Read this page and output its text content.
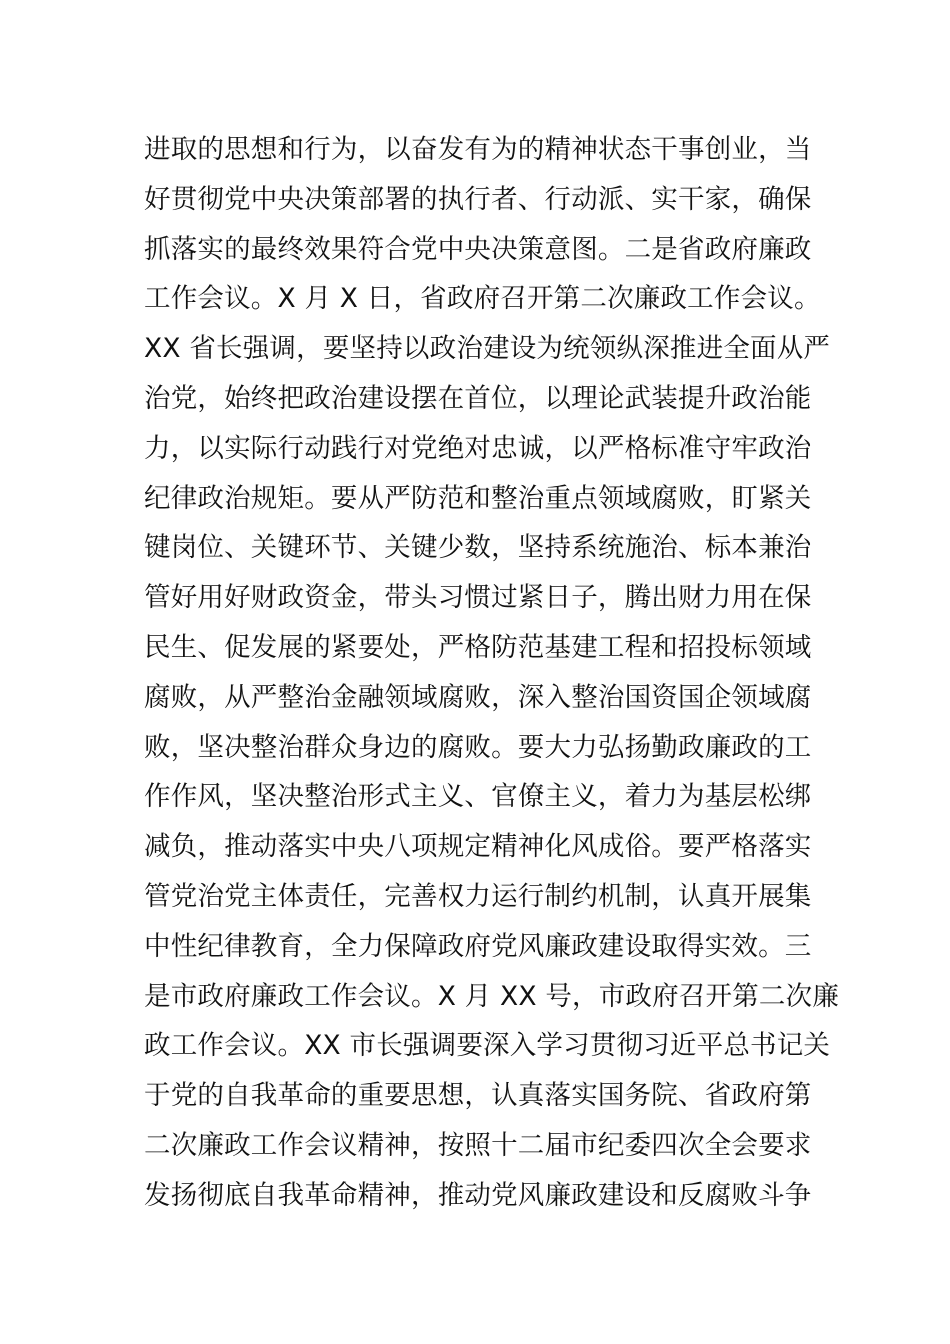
进取的思想和行为，以奋发有为的精神状态干事创业，当
好贯彻党中央决策部署的执行者、行动派、实干家，确保
抓落实的最终效果符合党中央决策意图。二是省政府廉政
工作会议。X 月 X 日，省政府召开第二次廉政工作会议。
XX 省长强调，要坚持以政治建设为统领纵深推进全面从严
治党，始终把政治建设摆在首位，以理论武装提升政治能
力，以实际行动践行对党绝对忠诚，以严格标准守牢政治
纪律政治规矩。要从严防范和整治重点领域腐败，盯紧关
键岗位、关键环节、关键少数，坚持系统施治、标本兼治
管好用好财政资金，带头习惯过紧日子，腾出财力用在保
民生、促发展的紧要处，严格防范基建工程和招投标领域
腐败，从严整治金融领域腐败，深入整治国资国企领域腐
败，坚决整治群众身边的腐败。要大力弘扬勤政廉政的工
作作风，坚决整治形式主义、官僚主义，着力为基层松绑
减负，推动落实中央八项规定精神化风成俗。要严格落实
管党治党主体责任，完善权力运行制约机制，认真开展集
中性纪律教育，全力保障政府党风廉政建设取得实效。三
是市政府廉政工作会议。X 月 XX 号，市政府召开第二次廉
政工作会议。XX 市长强调要深入学习贯彻习近平总书记关
于党的自我革命的重要思想，认真落实国务院、省政府第
二次廉政工作会议精神，按照十二届市纪委四次全会要求
发扬彻底自我革命精神，推动党风廉政建设和反腐败斗争
